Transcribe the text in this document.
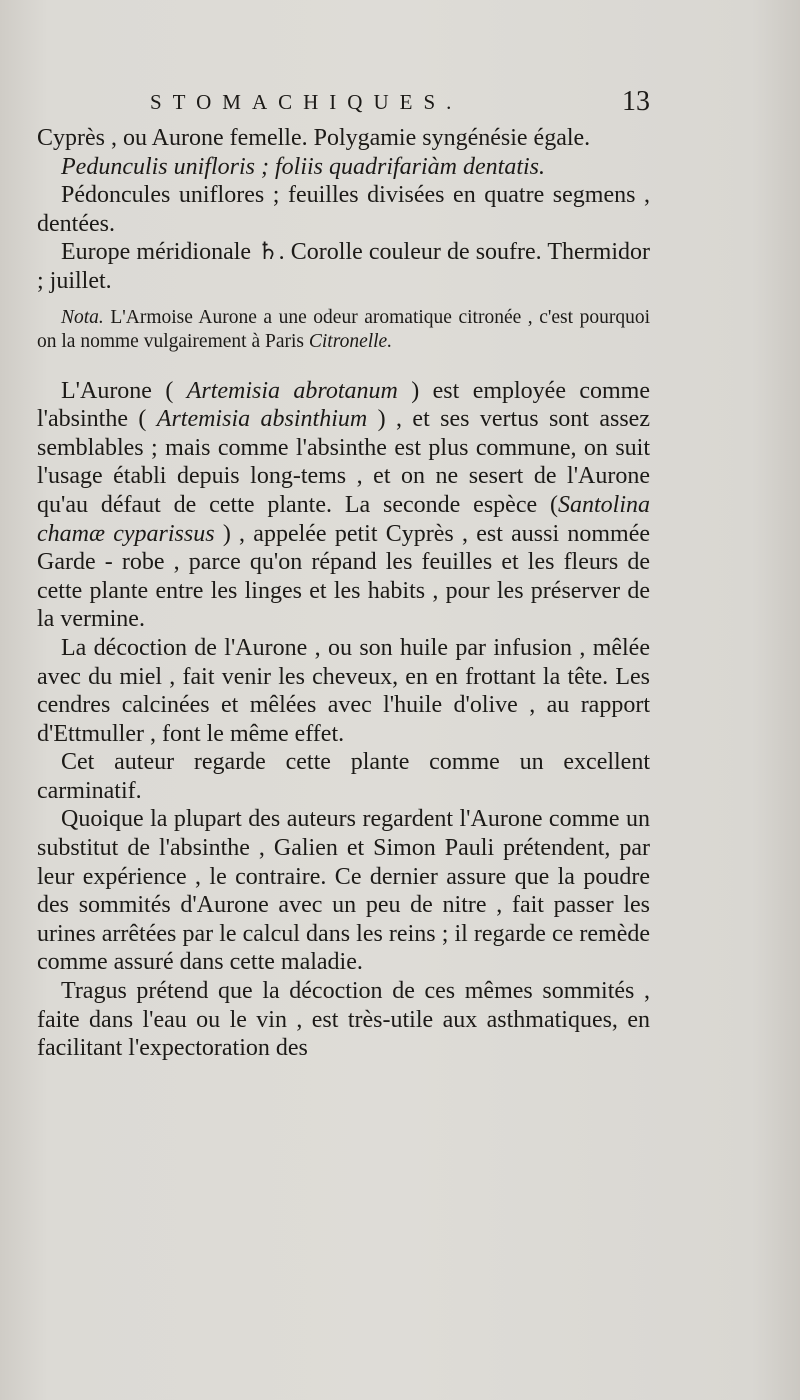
STOMACHIQUES.	13

Cyprès , ou Aurone femelle. Polygamie syngénésie égale.

Pedunculis unifloris ; foliis quadrifariàm dentatis.

Pédoncules uniflores ; feuilles divisées en quatre segmens , dentées.

Europe méridionale ♄. Corolle couleur de soufre. Thermidor ; juillet.

Nota. L'Armoise Aurone a une odeur aromatique citronée , c'est pourquoi on la nomme vulgairement à Paris Citronelle.

L'Aurone ( Artemisia abrotanum ) est employée comme l'absinthe ( Artemisia absinthium ) , et ses vertus sont assez semblables ; mais comme l'absinthe est plus commune, on suit l'usage établi depuis long-tems , et on ne sesert de l'Aurone qu'au défaut de cette plante. La seconde espèce (Santolina chamæ cyparissus ) , appelée petit Cyprès , est aussi nommée Garde - robe , parce qu'on répand les feuilles et les fleurs de cette plante entre les linges et les habits , pour les préserver de la vermine.

La décoction de l'Aurone , ou son huile par infusion , mêlée avec du miel , fait venir les cheveux, en en frottant la tête. Les cendres calcinées et mêlées avec l'huile d'olive , au rapport d'Ettmuller , font le même effet.

Cet auteur regarde cette plante comme un excellent carminatif.

Quoique la plupart des auteurs regardent l'Aurone comme un substitut de l'absinthe , Galien et Simon Pauli prétendent, par leur expérience , le contraire. Ce dernier assure que la poudre des sommités d'Aurone avec un peu de nitre , fait passer les urines arrêtées par le calcul dans les reins ; il regarde ce remède comme assuré dans cette maladie.

Tragus prétend que la décoction de ces mêmes sommités , faite dans l'eau ou le vin , est très-utile aux asthmatiques, en facilitant l'expectoration des
